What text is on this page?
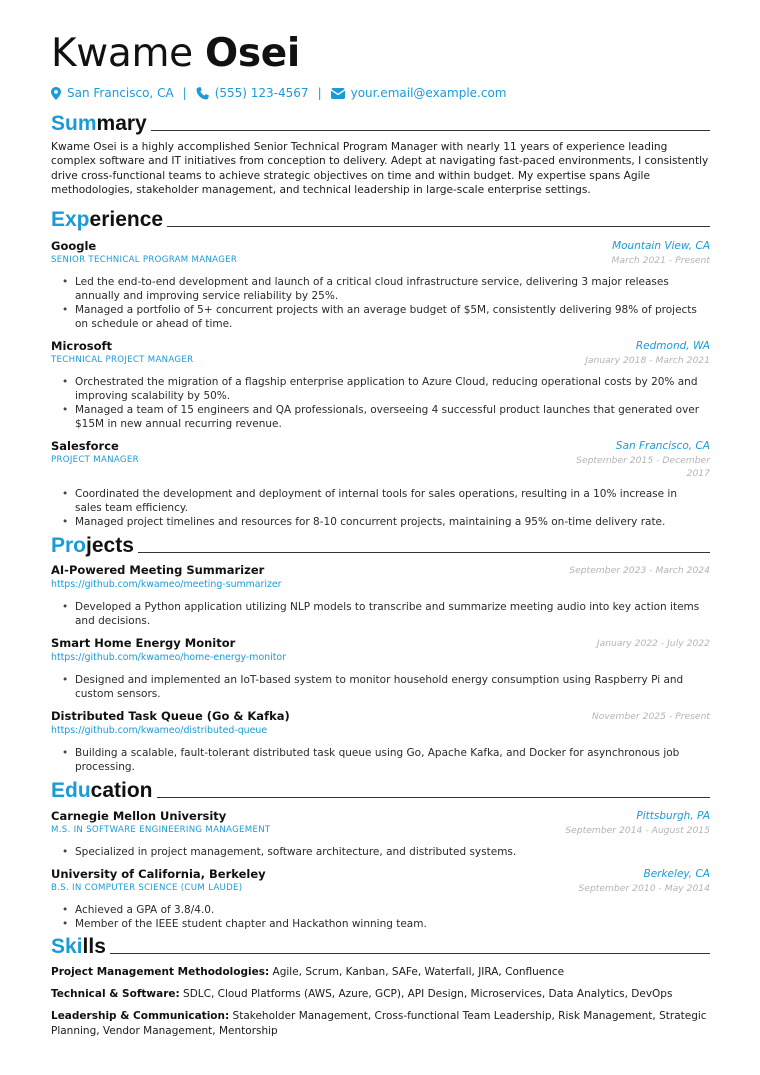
Kwame Osei
San Francisco, CA | (555) 123-4567 | your.email@example.com
Summary
Kwame Osei is a highly accomplished Senior Technical Program Manager with nearly 11 years of experience leading complex software and IT initiatives from conception to delivery. Adept at navigating fast-paced environments, I consistently drive cross-functional teams to achieve strategic objectives on time and within budget. My expertise spans Agile methodologies, stakeholder management, and technical leadership in large-scale enterprise settings.
Experience
Google
SENIOR TECHNICAL PROGRAM MANAGER
Mountain View, CA
March 2021 - Present
• Led the end-to-end development and launch of a critical cloud infrastructure service, delivering 3 major releases annually and improving service reliability by 25%.
• Managed a portfolio of 5+ concurrent projects with an average budget of $5M, consistently delivering 98% of projects on schedule or ahead of time.
Microsoft
TECHNICAL PROJECT MANAGER
Redmond, WA
January 2018 - March 2021
• Orchestrated the migration of a flagship enterprise application to Azure Cloud, reducing operational costs by 20% and improving scalability by 50%.
• Managed a team of 15 engineers and QA professionals, overseeing 4 successful product launches that generated over $15M in new annual recurring revenue.
Salesforce
PROJECT MANAGER
San Francisco, CA
September 2015 - December 2017
• Coordinated the development and deployment of internal tools for sales operations, resulting in a 10% increase in sales team efficiency.
• Managed project timelines and resources for 8-10 concurrent projects, maintaining a 95% on-time delivery rate.
Projects
AI-Powered Meeting Summarizer
https://github.com/kwameo/meeting-summarizer
September 2023 - March 2024
• Developed a Python application utilizing NLP models to transcribe and summarize meeting audio into key action items and decisions.
Smart Home Energy Monitor
https://github.com/kwameo/home-energy-monitor
January 2022 - July 2022
• Designed and implemented an IoT-based system to monitor household energy consumption using Raspberry Pi and custom sensors.
Distributed Task Queue (Go & Kafka)
https://github.com/kwameo/distributed-queue
November 2025 - Present
• Building a scalable, fault-tolerant distributed task queue using Go, Apache Kafka, and Docker for asynchronous job processing.
Education
Carnegie Mellon University
M.S. IN SOFTWARE ENGINEERING MANAGEMENT
Pittsburgh, PA
September 2014 - August 2015
• Specialized in project management, software architecture, and distributed systems.
University of California, Berkeley
B.S. IN COMPUTER SCIENCE (CUM LAUDE)
Berkeley, CA
September 2010 - May 2014
• Achieved a GPA of 3.8/4.0.
• Member of the IEEE student chapter and Hackathon winning team.
Skills
Project Management Methodologies: Agile, Scrum, Kanban, SAFe, Waterfall, JIRA, Confluence
Technical & Software: SDLC, Cloud Platforms (AWS, Azure, GCP), API Design, Microservices, Data Analytics, DevOps
Leadership & Communication: Stakeholder Management, Cross-functional Team Leadership, Risk Management, Strategic Planning, Vendor Management, Mentorship
